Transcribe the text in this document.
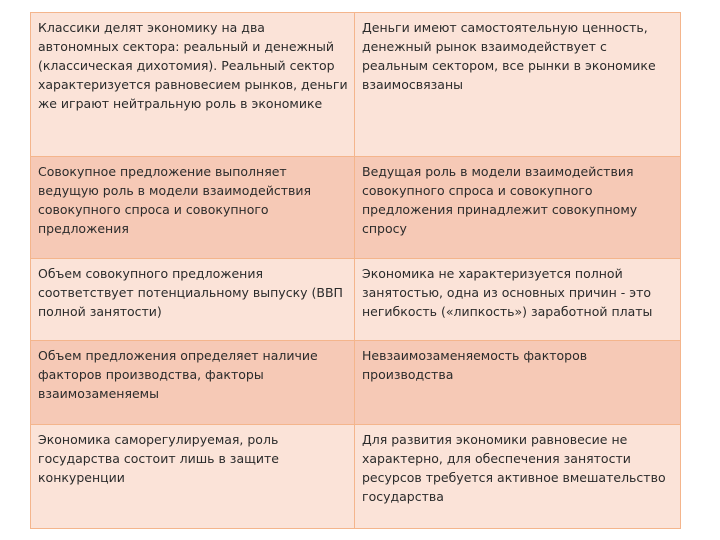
Классики делят экономику на два автономных сектора: реальный и денежный (классическая дихотомия). Реальный сектор характеризуется равновесием рынков, деньги же играют нейтральную роль в экономике	Деньги имеют самостоятельную ценность, денежный рынок взаимодействует с реальным сектором, все рынки в экономике взаимосвязаны
Совокупное предложение выполняет ведущую роль в модели взаимодействия совокупного спроса и совокупного предложения	Ведущая роль в модели взаимодействия совокупного спроса и совокупного предложения принадлежит совокупному спросу
Объем совокупного предложения соответствует потенциальному выпуску (ВВП полной занятости)	Экономика не характеризуется полной занятостью, одна из основных причин - это негибкость («липкость») заработной платы
Объем предложения определяет наличие факторов производства, факторы взаимозаменяемы	Невзаимозаменяемость факторов производства
Экономика саморегулируемая, роль государства состоит лишь в защите конкуренции	Для развития экономики равновесие не характерно, для обеспечения занятости ресурсов требуется активное вмешательство государства
